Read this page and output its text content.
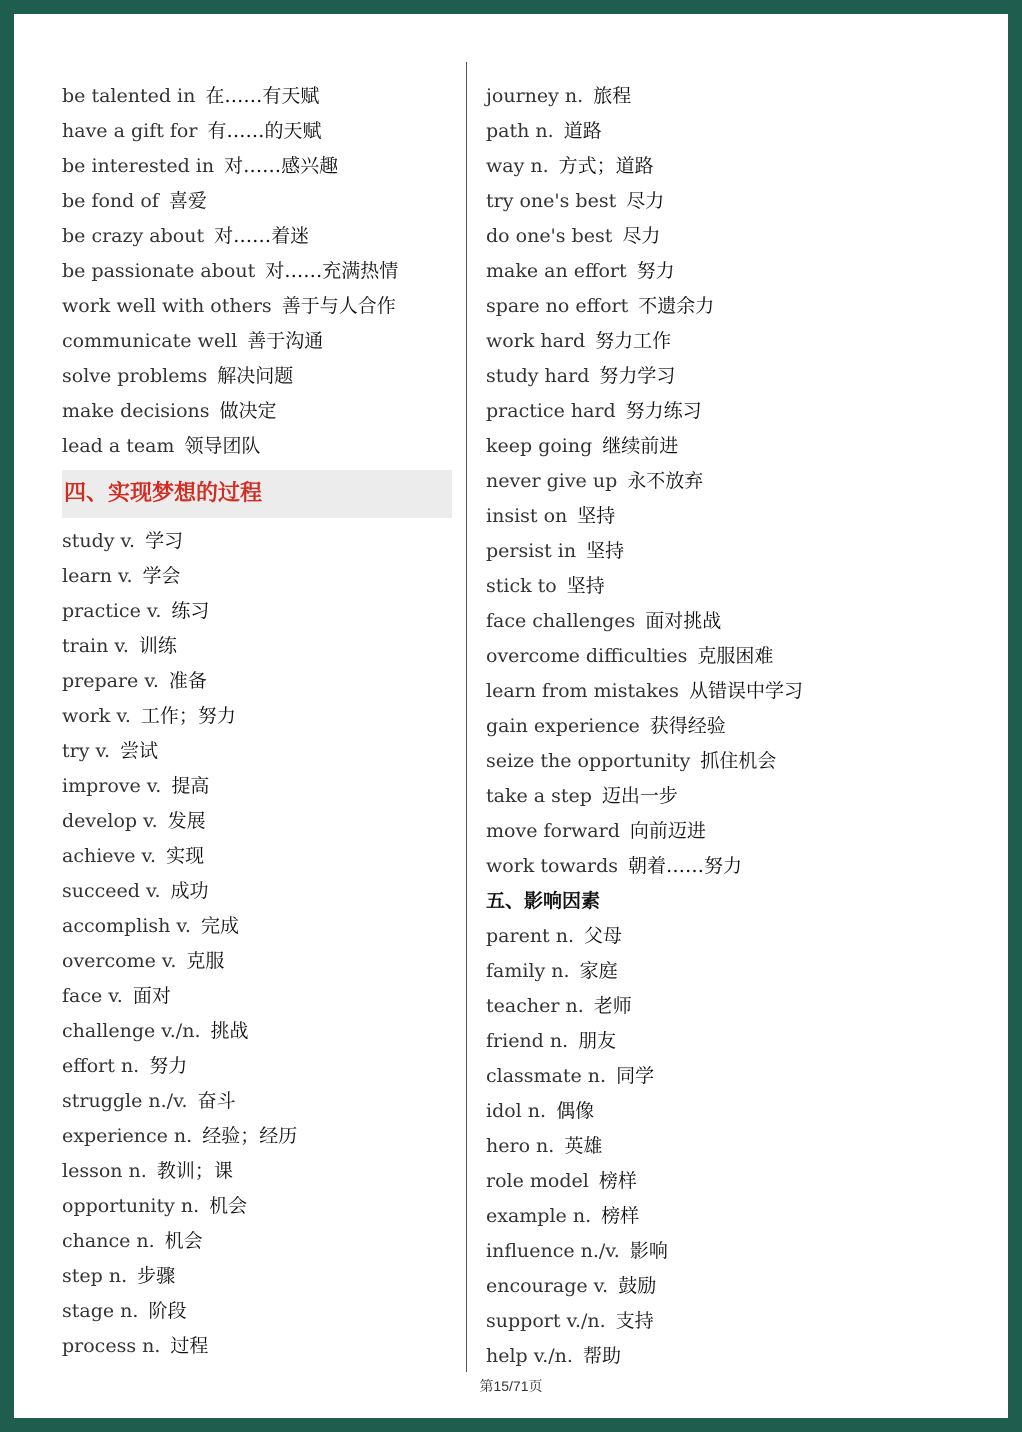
be talented in 在……有天赋
have a gift for 有……的天赋
be interested in 对……感兴趣
be fond of 喜爱
be crazy about 对……着迷
be passionate about 对……充满热情
work well with others 善于与人合作
communicate well 善于沟通
solve problems 解决问题
make decisions 做决定
lead a team 领导团队
四、实现梦想的过程
study v. 学习
learn v. 学会
practice v. 练习
train v. 训练
prepare v. 准备
work v. 工作；努力
try v. 尝试
improve v. 提高
develop v. 发展
achieve v. 实现
succeed v. 成功
accomplish v. 完成
overcome v. 克服
face v. 面对
challenge v./n. 挑战
effort n. 努力
struggle n./v. 奋斗
experience n. 经验；经历
lesson n. 教训；课
opportunity n. 机会
chance n. 机会
step n. 步骤
stage n. 阶段
process n. 过程
journey n. 旅程
path n. 道路
way n. 方式；道路
try one's best 尽力
do one's best 尽力
make an effort 努力
spare no effort 不遗余力
work hard 努力工作
study hard 努力学习
practice hard 努力练习
keep going 继续前进
never give up 永不放弃
insist on 坚持
persist in 坚持
stick to 坚持
face challenges 面对挑战
overcome difficulties 克服困难
learn from mistakes 从错误中学习
gain experience 获得经验
seize the opportunity 抓住机会
take a step 迈出一步
move forward 向前迈进
work towards 朝着……努力
五、影响因素
parent n. 父母
family n. 家庭
teacher n. 老师
friend n. 朋友
classmate n. 同学
idol n. 偶像
hero n. 英雄
role model 榜样
example n. 榜样
influence n./v. 影响
encourage v. 鼓励
support v./n. 支持
help v./n. 帮助
第15/71页
